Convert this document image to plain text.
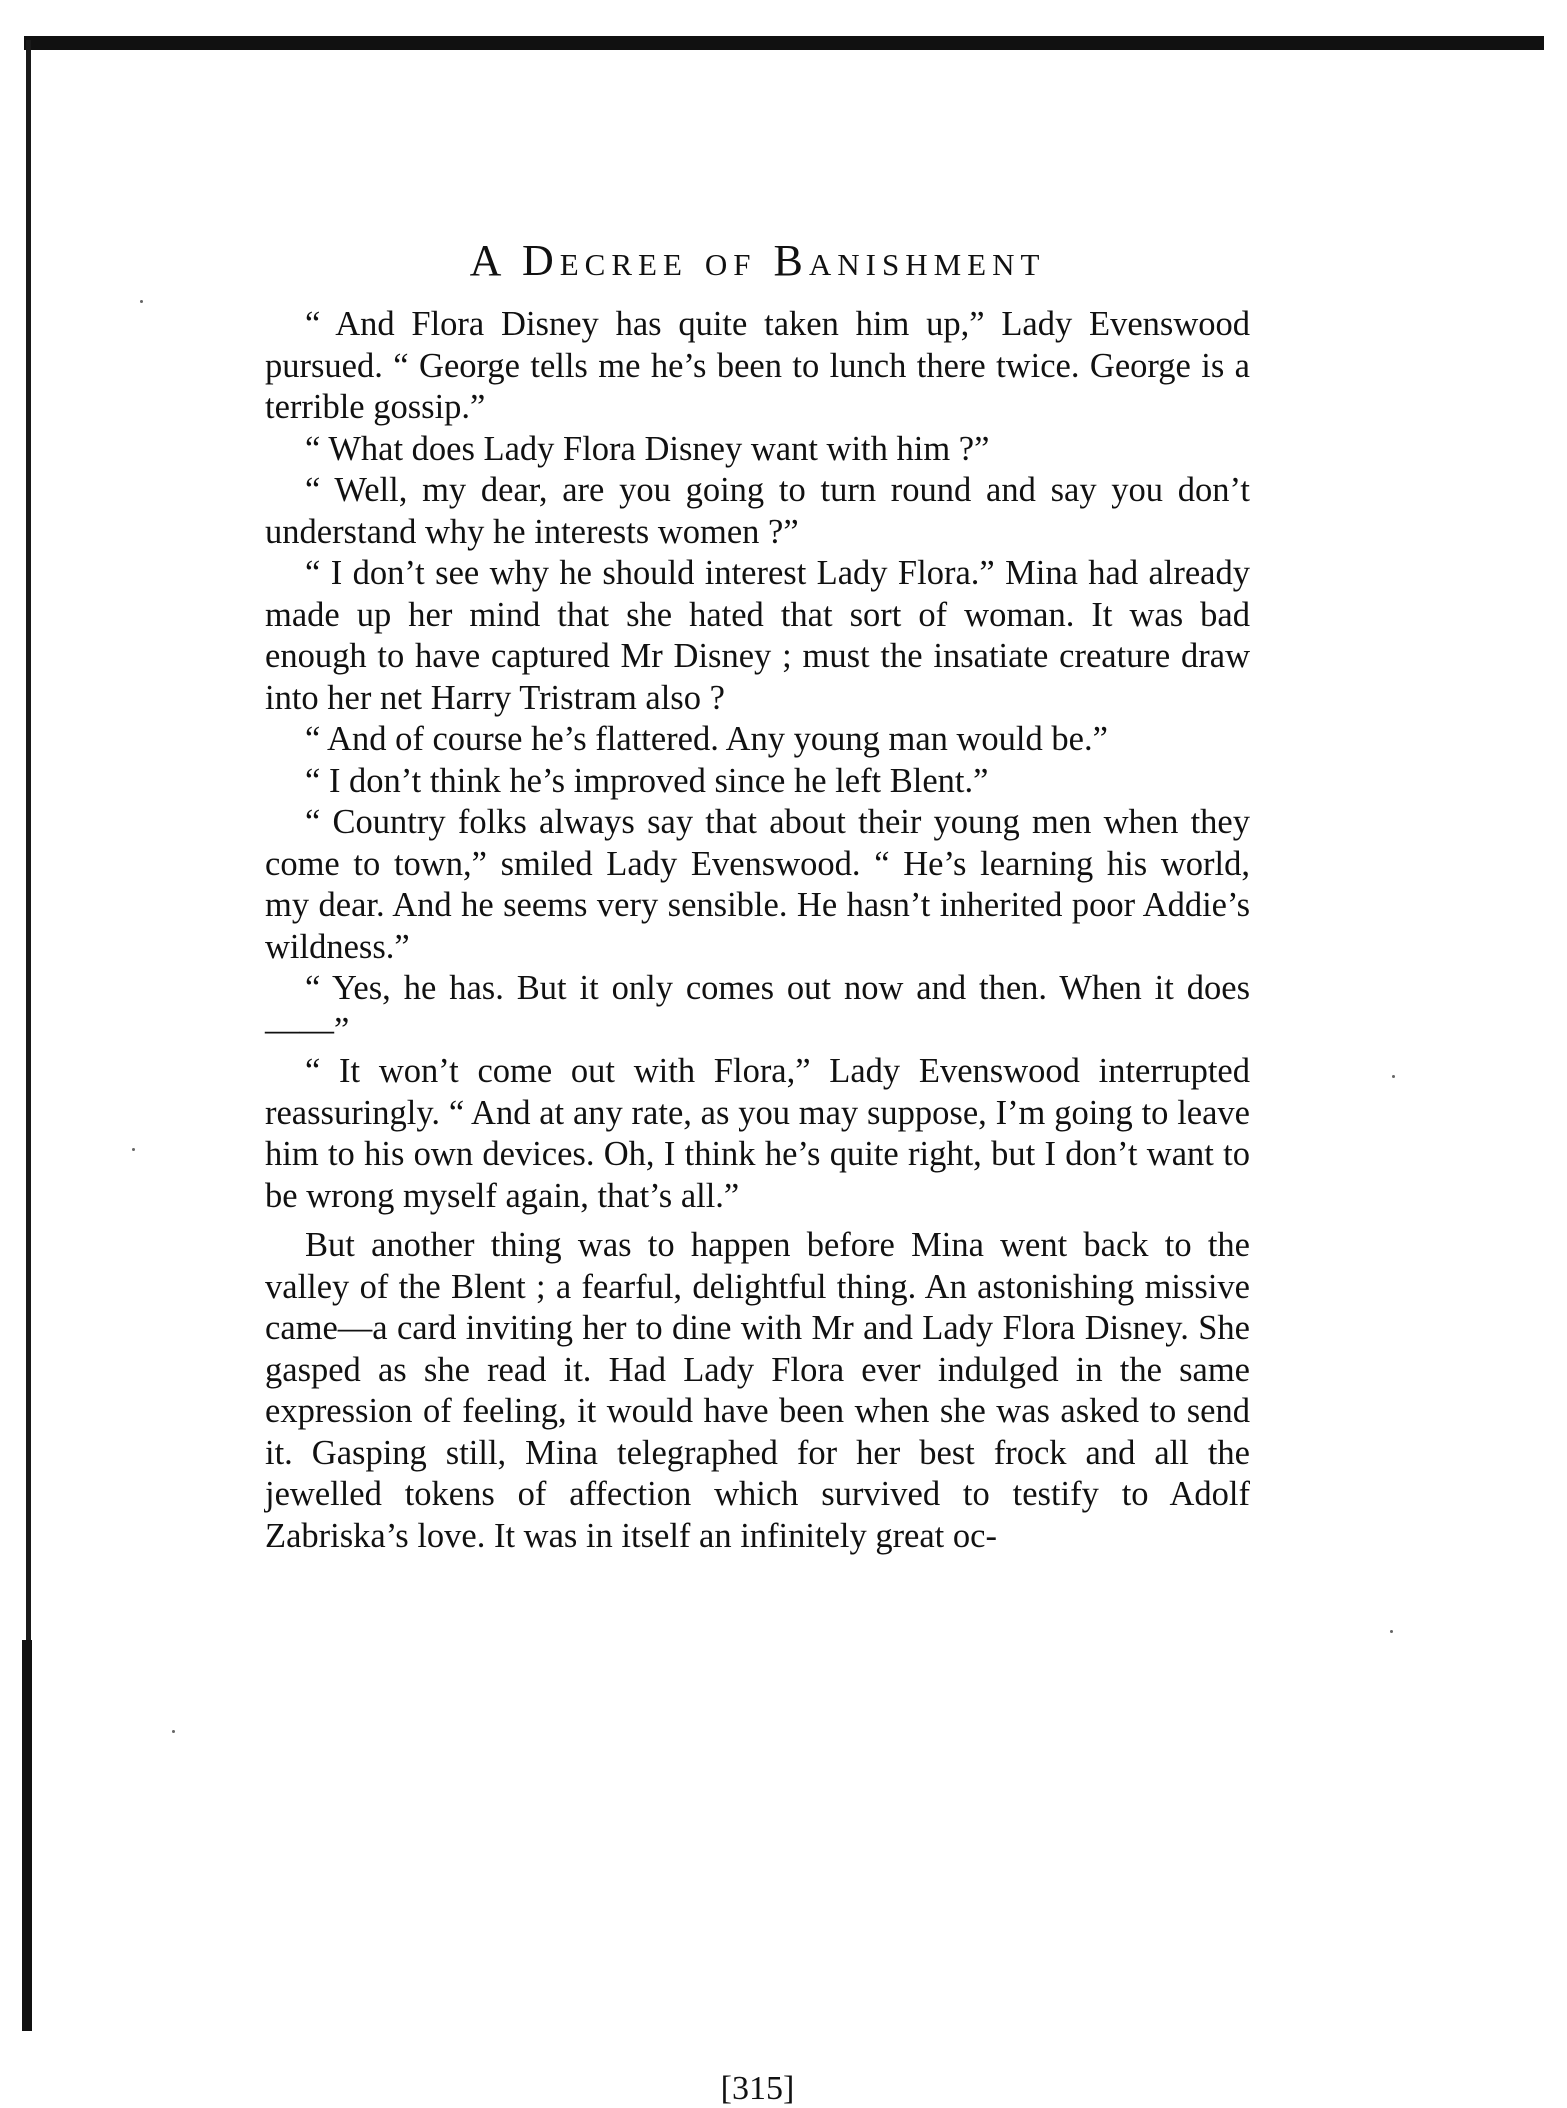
A Decree of Banishment

“ And Flora Disney has quite taken him up,” Lady Evenswood pursued. “ George tells me he’s been to lunch there twice. George is a terrible gossip.”

“ What does Lady Flora Disney want with him ?”

“ Well, my dear, are you going to turn round and say you don’t understand why he interests women ?”

“ I don’t see why he should interest Lady Flora.” Mina had already made up her mind that she hated that sort of woman. It was bad enough to have captured Mr Disney ; must the insatiate creature draw into her net Harry Tristram also ?

“ And of course he’s flattered. Any young man would be.”

“ I don’t think he’s improved since he left Blent.”

“ Country folks always say that about their young men when they come to town,” smiled Lady Evenswood. “ He’s learning his world, my dear. And he seems very sensible. He hasn’t inherited poor Addie’s wildness.”

“ Yes, he has. But it only comes out now and then. When it does——”

“ It won’t come out with Flora,” Lady Evenswood interrupted reassuringly. “ And at any rate, as you may suppose, I’m going to leave him to his own devices. Oh, I think he’s quite right, but I don’t want to be wrong myself again, that’s all.”

But another thing was to happen before Mina went back to the valley of the Blent ; a fearful, delightful thing. An astonishing missive came—a card inviting her to dine with Mr and Lady Flora Disney. She gasped as she read it. Had Lady Flora ever indulged in the same expression of feeling, it would have been when she was asked to send it. Gasping still, Mina telegraphed for her best frock and all the jewelled tokens of affection which survived to testify to Adolf Zabriska’s love. It was in itself an infinitely great oc-

[315]
